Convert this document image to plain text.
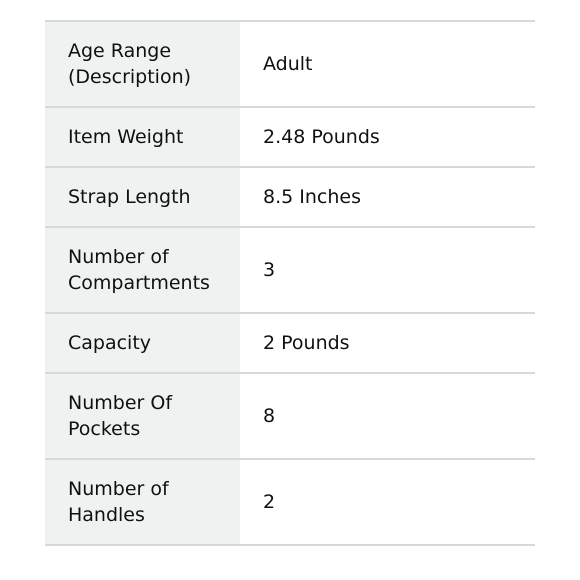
Age Range (Description)	Adult
Item Weight	2.48 Pounds
Strap Length	8.5 Inches
Number of Compartments	3
Capacity	2 Pounds
Number Of Pockets	8
Number of Handles	2
